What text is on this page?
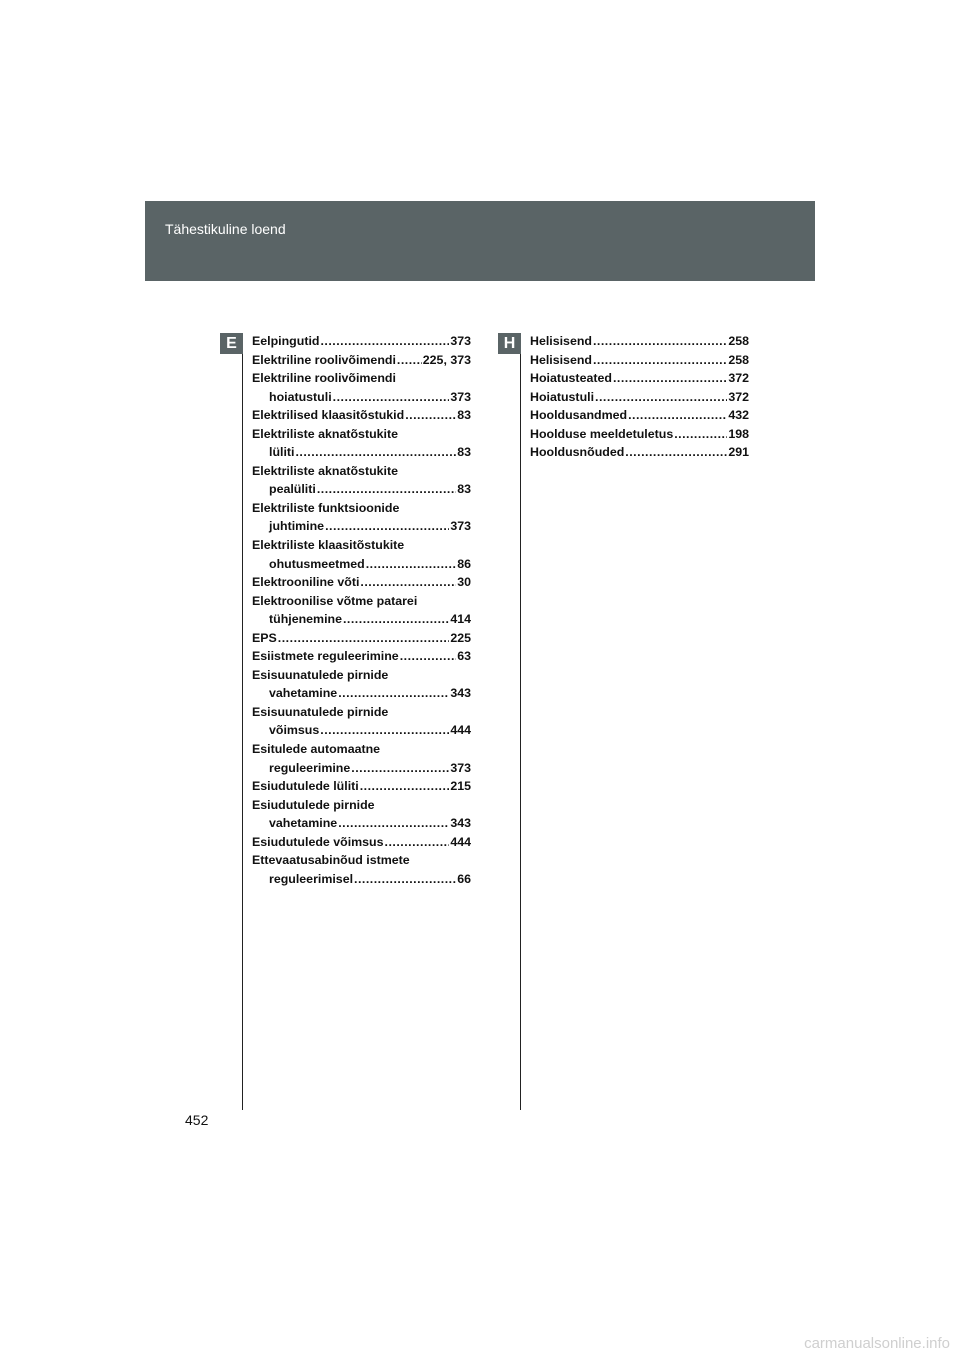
Tähestikuline loend
E	H
Eelpingutid .....	373
Elektriline roolivõimendi ..... 225, 373
Elektriline roolivõimendi
hoiatustuli .....	373
Elektrilised klaasitõstukid .....	83
Elektriliste aknatõstukite
lüliti .....	83
Elektriliste aknatõstukite
pealüliti .....	83
Elektriliste funktsioonide
juhtimine .....	373
Elektriliste klaasitõstukite
ohutusmeetmed .....	86
Elektrooniline võti .....	30
Elektroonilise võtme patarei
tühjenemine .....	414
EPS .....	225
Esiistmete reguleerimine .....	63
Esisuunatulede pirnide
vahetamine .....	343
Esisuunatulede pirnide
võimsus .....	444
Esitulede automaatne
reguleerimine .....	373
Esiudutulede lüliti .....	215
Esiudutulede pirnide
vahetamine .....	343
Esiudutulede võimsus .....	444
Ettevaatusabinõud istmete
reguleerimisel .....	66
Helisisend .....	258
Helisisend .....	258
Hoiatusteated .....	372
Hoiatustuli .....	372
Hooldusandmed .....	432
Hoolduse meeldetuletus .....	198
Hooldusnõuded .....	291
452
carmanualsonline.info
